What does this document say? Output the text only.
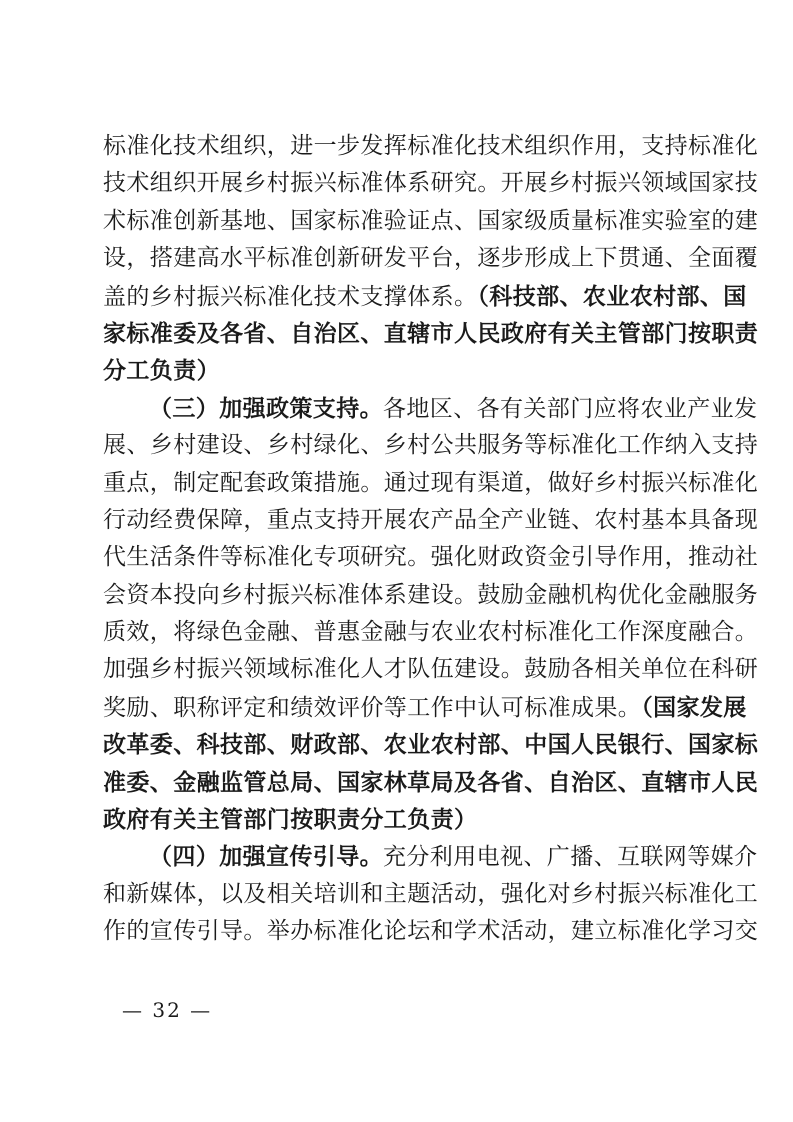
标准化技术组织，进一步发挥标准化技术组织作用，支持标准化
技术组织开展乡村振兴标准体系研究。开展乡村振兴领域国家技
术标准创新基地、国家标准验证点、国家级质量标准实验室的建
设，搭建高水平标准创新研发平台，逐步形成上下贯通、全面覆
盖的乡村振兴标准化技术支撑体系。（科技部、农业农村部、国
家标准委及各省、自治区、直辖市人民政府有关主管部门按职责
分工负责）
（三）加强政策支持。各地区、各有关部门应将农业产业发
展、乡村建设、乡村绿化、乡村公共服务等标准化工作纳入支持
重点，制定配套政策措施。通过现有渠道，做好乡村振兴标准化
行动经费保障，重点支持开展农产品全产业链、农村基本具备现
代生活条件等标准化专项研究。强化财政资金引导作用，推动社
会资本投向乡村振兴标准体系建设。鼓励金融机构优化金融服务
质效，将绿色金融、普惠金融与农业农村标准化工作深度融合。
加强乡村振兴领域标准化人才队伍建设。鼓励各相关单位在科研
奖励、职称评定和绩效评价等工作中认可标准成果。（国家发展
改革委、科技部、财政部、农业农村部、中国人民银行、国家标
准委、金融监管总局、国家林草局及各省、自治区、直辖市人民
政府有关主管部门按职责分工负责）
（四）加强宣传引导。充分利用电视、广播、互联网等媒介
和新媒体，以及相关培训和主题活动，强化对乡村振兴标准化工
作的宣传引导。举办标准化论坛和学术活动，建立标准化学习交
— 32 —
